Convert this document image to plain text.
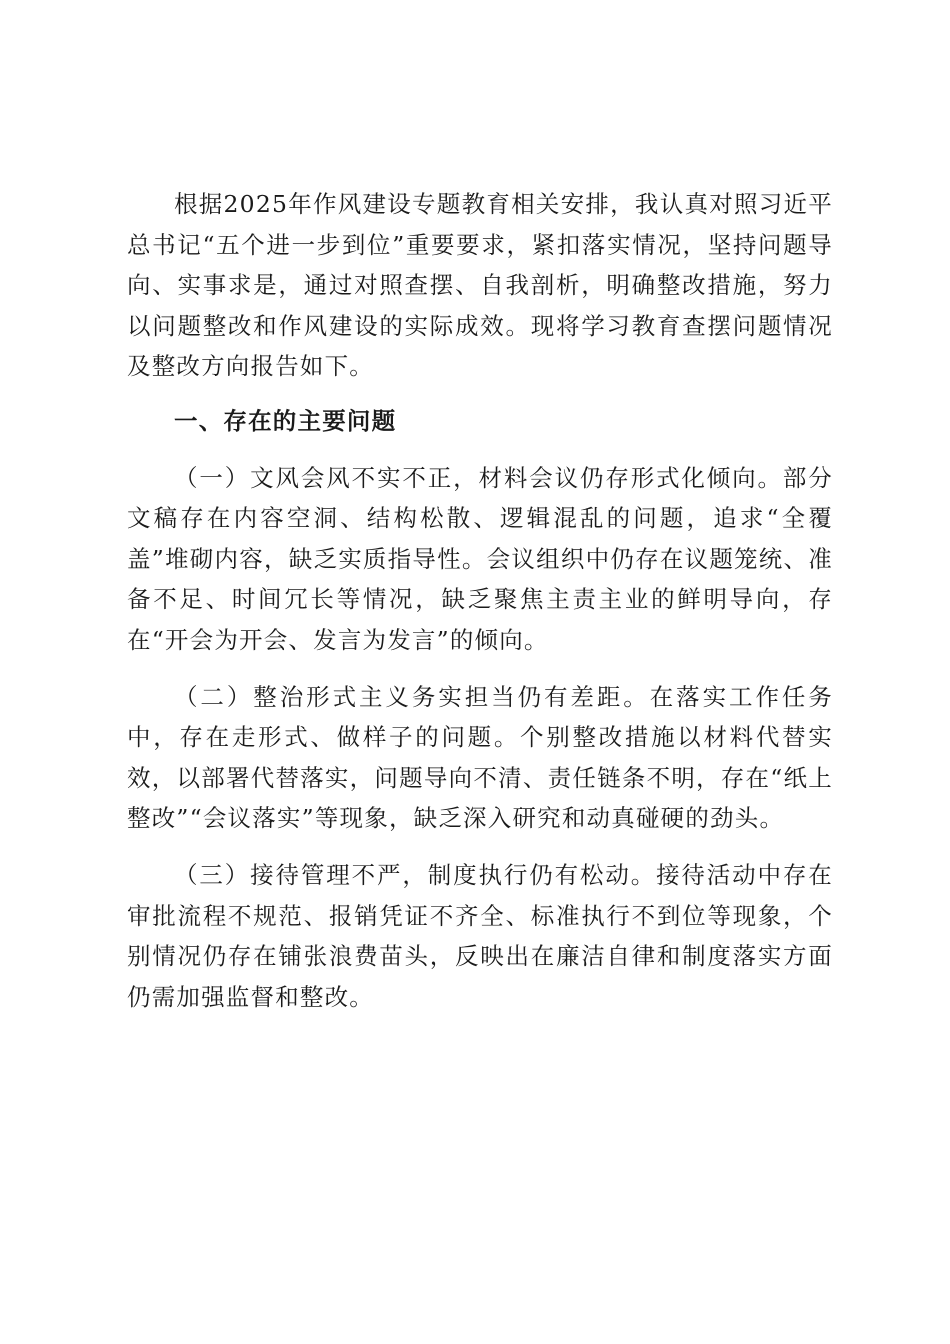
根据2025年作风建设专题教育相关安排，我认真对照习近平总书记“五个进一步到位”重要要求，紧扣落实情况，坚持问题导向、实事求是，通过对照查摆、自我剖析，明确整改措施，努力以问题整改和作风建设的实际成效。现将学习教育查摆问题情况及整改方向报告如下。

一、存在的主要问题

（一）文风会风不实不正，材料会议仍存形式化倾向。部分文稿存在内容空洞、结构松散、逻辑混乱的问题，追求“全覆盖”堆砌内容，缺乏实质指导性。会议组织中仍存在议题笼统、准备不足、时间冗长等情况，缺乏聚焦主责主业的鲜明导向，存在“开会为开会、发言为发言”的倾向。

（二）整治形式主义务实担当仍有差距。在落实工作任务中，存在走形式、做样子的问题。个别整改措施以材料代替实效，以部署代替落实，问题导向不清、责任链条不明，存在“纸上整改”“会议落实”等现象，缺乏深入研究和动真碰硬的劲头。

（三）接待管理不严，制度执行仍有松动。接待活动中存在审批流程不规范、报销凭证不齐全、标准执行不到位等现象，个别情况仍存在铺张浪费苗头，反映出在廉洁自律和制度落实方面仍需加强监督和整改。
